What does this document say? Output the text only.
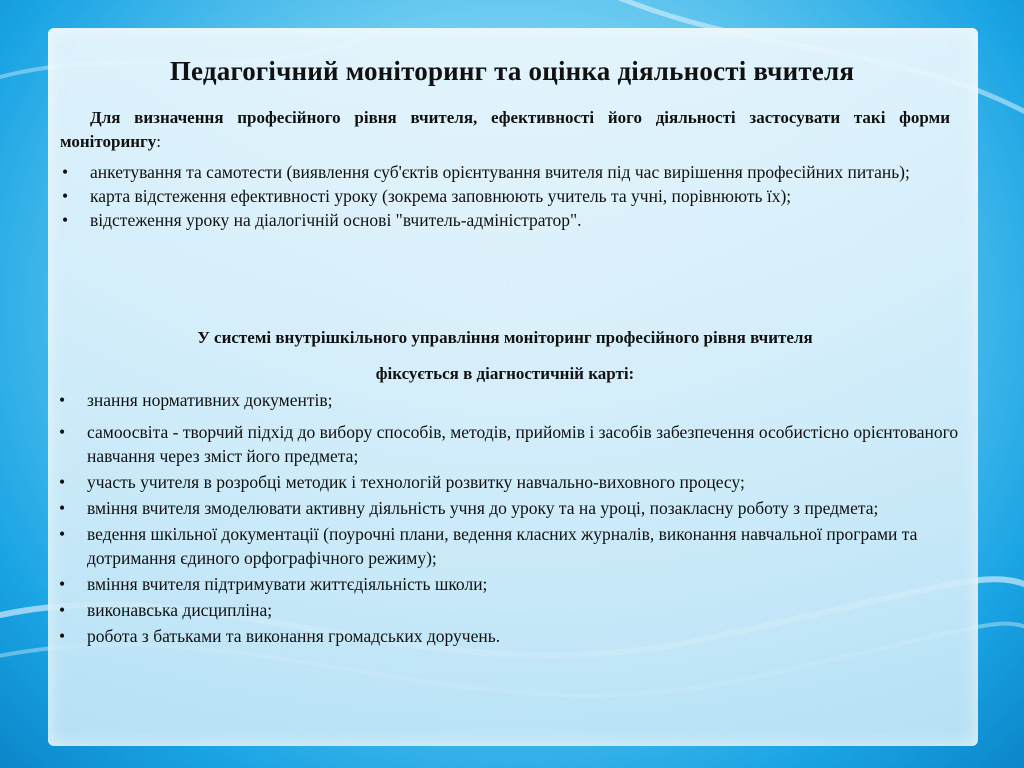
Педагогічний моніторинг та оцінка діяльності вчителя

Для визначення професійного рівня вчителя, ефективності його діяльності застосувати такі форми моніторингу:

• анкетування та самотести (виявлення суб'єктів орієнтування вчителя під час вирішення професійних питань);
• карта відстеження ефективності уроку (зокрема заповнюють учитель та учні, порівнюють їх);
• відстеження уроку на діалогічній основі "вчитель-адміністратор".
У системі внутрішкільного управління моніторинг професійного рівня вчителя
фіксується в діагностичній карті:
• знання нормативних документів;
• самоосвіта - творчий підхід до вибору способів, методів, прийомів і засобів забезпечення особистісно орієнтованого навчання через зміст його предмета;
• участь учителя в розробці методик і технологій розвитку навчально-виховного процесу;
• вміння вчителя змоделювати активну діяльність учня до уроку та на уроці, позакласну роботу з предмета;
• ведення шкільної документації (поурочні плани, ведення класних журналів, виконання навчальної програми та дотримання єдиного орфографічного режиму);
• вміння вчителя підтримувати життєдіяльність школи;
• виконавська дисципліна;
• робота з батьками та виконання громадських доручень.
